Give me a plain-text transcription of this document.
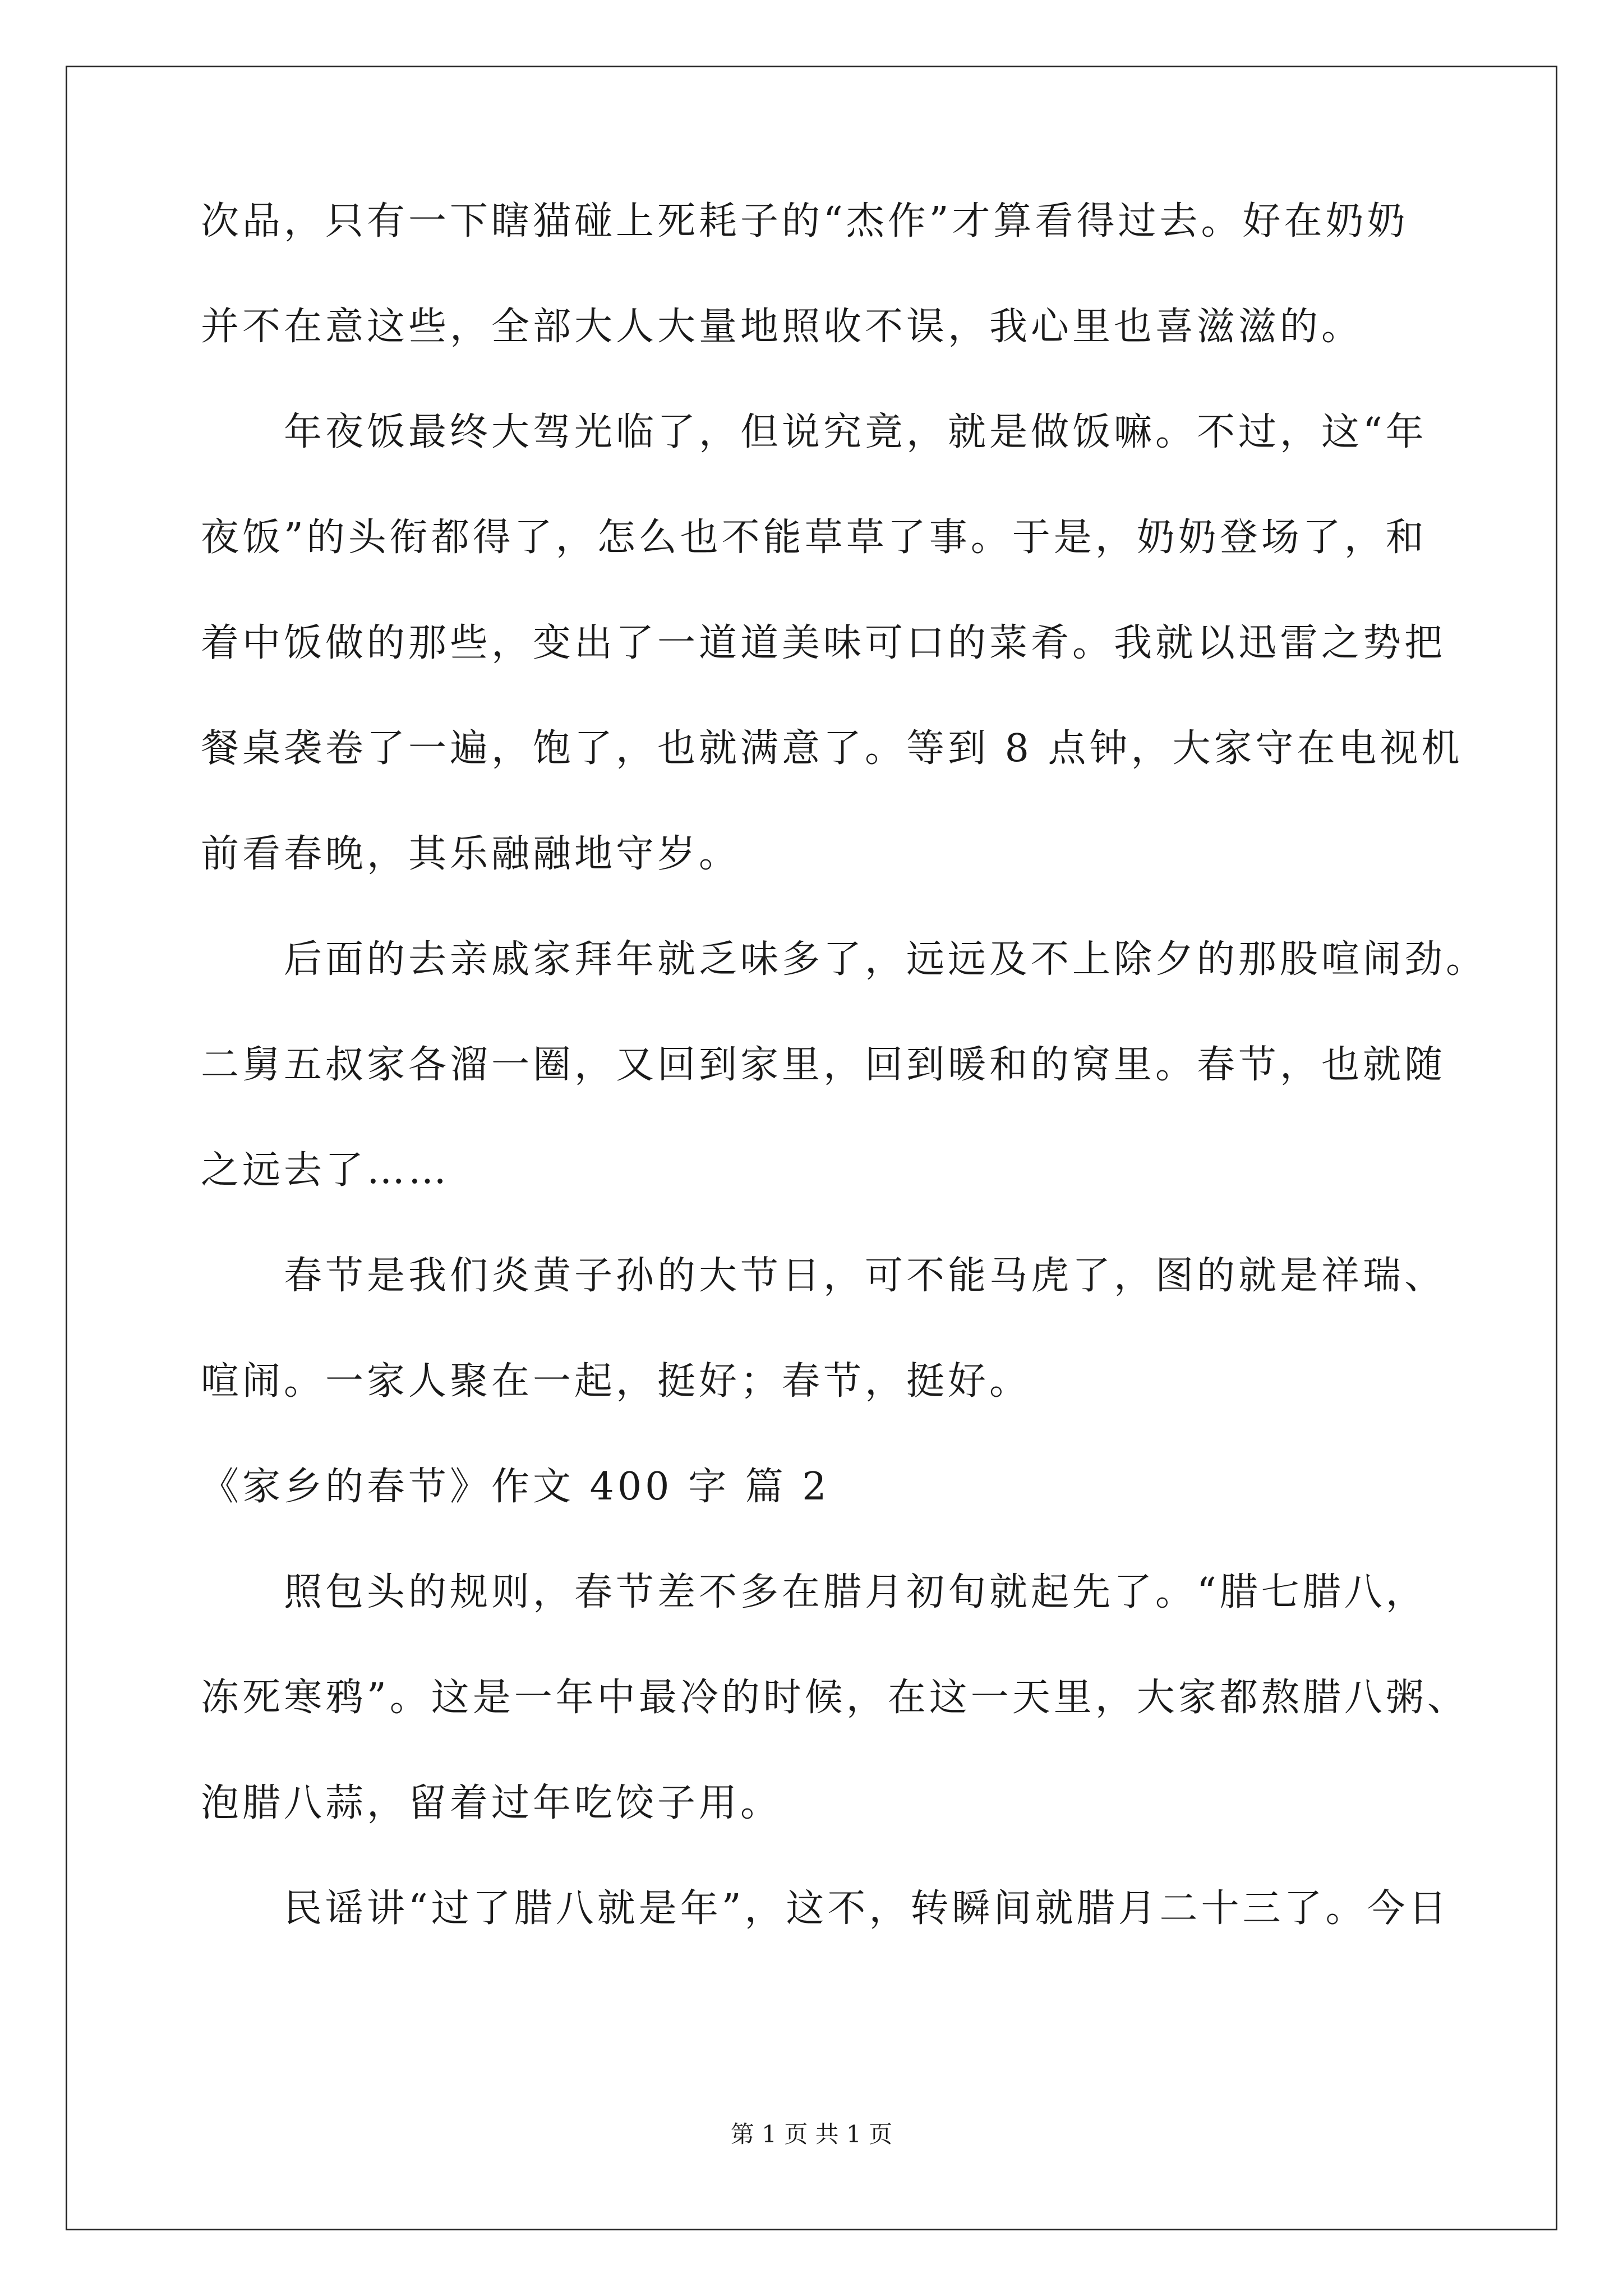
次品，只有一下瞎猫碰上死耗子的“杰作”才算看得过去。好在奶奶
并不在意这些，全部大人大量地照收不误，我心里也喜滋滋的。
年夜饭最终大驾光临了，但说究竟，就是做饭嘛。不过，这“年
夜饭”的头衔都得了，怎么也不能草草了事。于是，奶奶登场了，和
着中饭做的那些，变出了一道道美味可口的菜肴。我就以迅雷之势把
餐桌袭卷了一遍，饱了，也就满意了。等到 8 点钟，大家守在电视机
前看春晚，其乐融融地守岁。
后面的去亲戚家拜年就乏味多了，远远及不上除夕的那股喧闹劲。
二舅五叔家各溜一圈，又回到家里，回到暖和的窝里。春节，也就随
之远去了……
春节是我们炎黄子孙的大节日，可不能马虎了，图的就是祥瑞、
喧闹。一家人聚在一起，挺好；春节，挺好。
《家乡的春节》作文 400 字 篇 2
照包头的规则，春节差不多在腊月初旬就起先了。“腊七腊八，
冻死寒鸦”。这是一年中最冷的时候，在这一天里，大家都熬腊八粥、
泡腊八蒜，留着过年吃饺子用。
民谣讲“过了腊八就是年”，这不，转瞬间就腊月二十三了。今日
第 1 页 共 1 页
